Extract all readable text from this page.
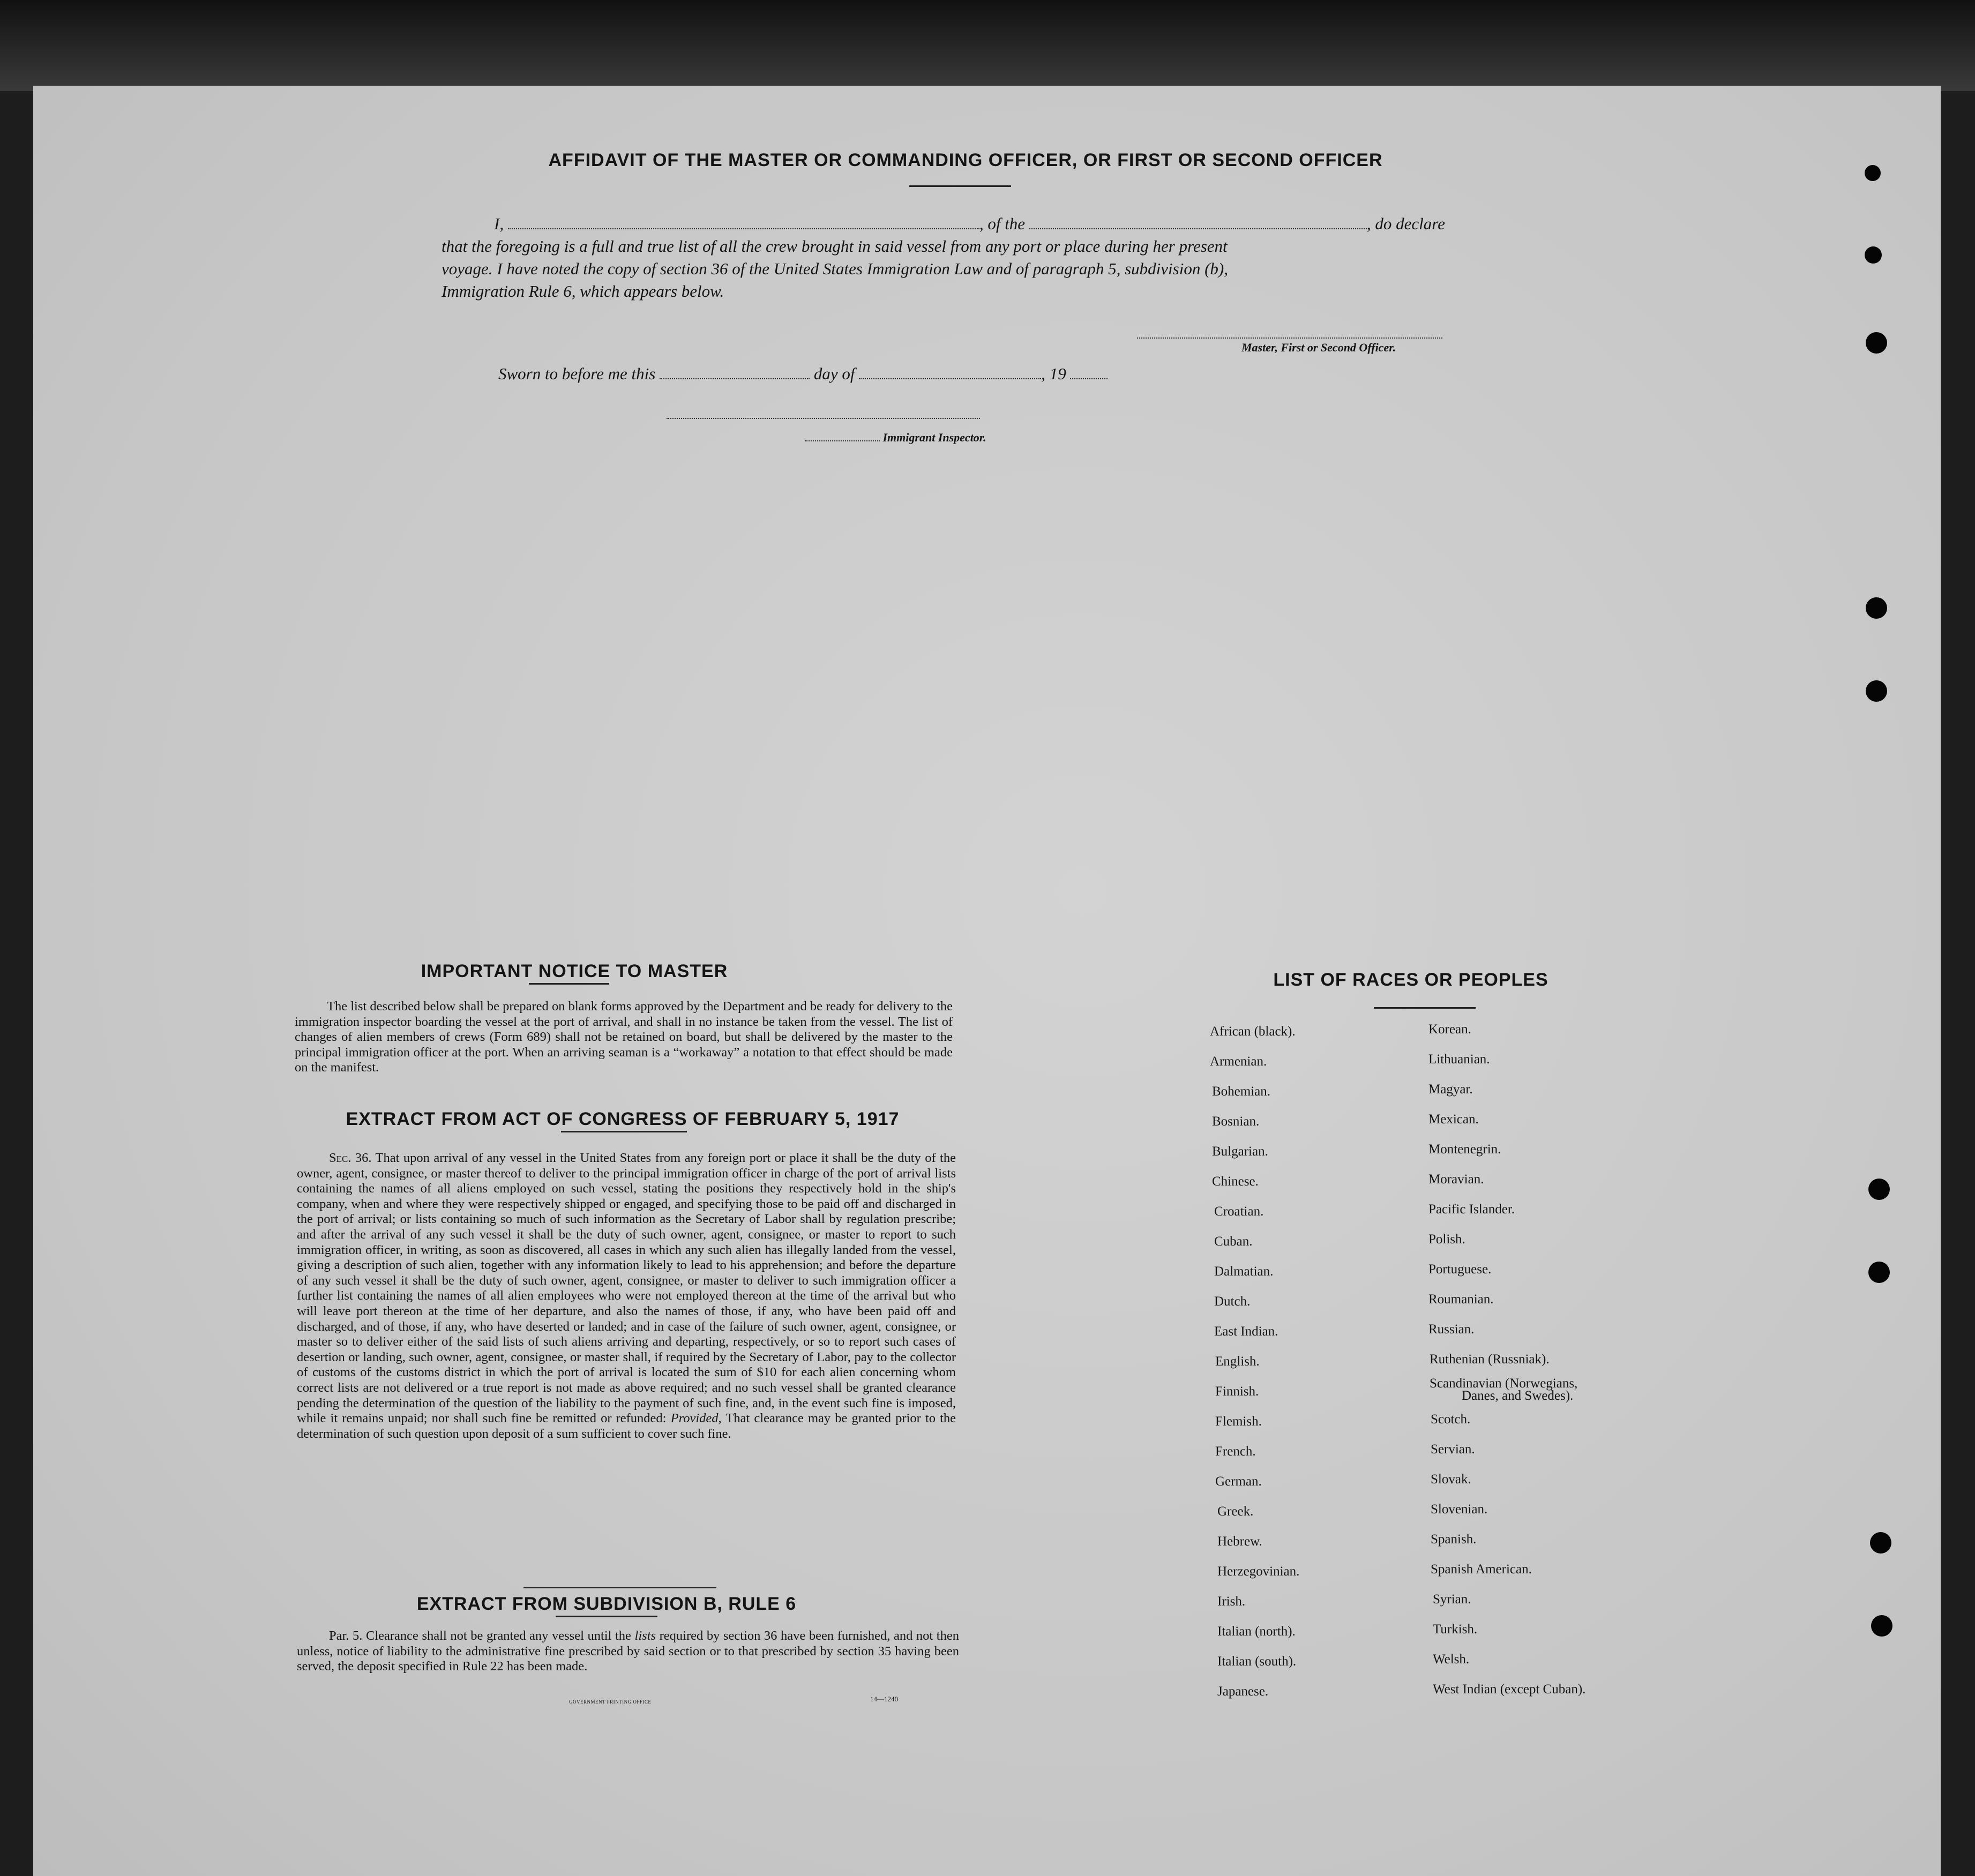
AFFIDAVIT OF THE MASTER OR COMMANDING OFFICER, OR FIRST OR SECOND OFFICER
I,	, of the	, do declare
that the foregoing is a full and true list of all the crew brought in said vessel from any port or place during her present
voyage. I have noted the copy of section 36 of the United States Immigration Law and of paragraph 5, subdivision (b),
Immigration Rule 6, which appears below.
Master, First or Second Officer.
Sworn to before me this	day of	, 19
Immigrant Inspector.
IMPORTANT NOTICE TO MASTER
The list described below shall be prepared on blank forms approved by the Department and be ready for delivery to the immigration inspector boarding the vessel at the port of arrival, and shall in no instance be taken from the vessel. The list of changes of alien members of crews (Form 689) shall not be retained on board, but shall be delivered by the master to the principal immigration officer at the port. When an arriving seaman is a “workaway” a notation to that effect should be made on the manifest.
EXTRACT FROM ACT OF CONGRESS OF FEBRUARY 5, 1917
Sec. 36. That upon arrival of any vessel in the United States from any foreign port or place it shall be the duty of the owner, agent, consignee, or master thereof to deliver to the principal immigration officer in charge of the port of arrival lists containing the names of all aliens employed on such vessel, stating the positions they respectively hold in the ship's company, when and where they were respectively shipped or engaged, and specifying those to be paid off and discharged in the port of arrival; or lists containing so much of such information as the Secretary of Labor shall by regulation prescribe; and after the arrival of any such vessel it shall be the duty of such owner, agent, consignee, or master to report to such immigration officer, in writing, as soon as discovered, all cases in which any such alien has illegally landed from the vessel, giving a description of such alien, together with any information likely to lead to his apprehension; and before the departure of any such vessel it shall be the duty of such owner, agent, consignee, or master to deliver to such immigration officer a further list containing the names of all alien employees who were not employed thereon at the time of the arrival but who will leave port thereon at the time of her departure, and also the names of those, if any, who have been paid off and discharged, and of those, if any, who have deserted or landed; and in case of the failure of such owner, agent, consignee, or master so to deliver either of the said lists of such aliens arriving and departing, respectively, or so to report such cases of desertion or landing, such owner, agent, consignee, or master shall, if required by the Secretary of Labor, pay to the collector of customs of the customs district in which the port of arrival is located the sum of $10 for each alien concerning whom correct lists are not delivered or a true report is not made as above required; and no such vessel shall be granted clearance pending the determination of the question of the liability to the payment of such fine, and, in the event such fine is imposed, while it remains unpaid; nor shall such fine be remitted or refunded: Provided, That clearance may be granted prior to the determination of such question upon deposit of a sum sufficient to cover such fine.
EXTRACT FROM SUBDIVISION B, RULE 6
Par. 5. Clearance shall not be granted any vessel until the lists required by section 36 have been furnished, and not then unless, notice of liability to the administrative fine prescribed by said section or to that prescribed by section 35 having been served, the deposit specified in Rule 22 has been made.
GOVERNMENT PRINTING OFFICE	14—1240
LIST OF RACES OR PEOPLES
African (black).
Armenian.
Bohemian.
Bosnian.
Bulgarian.
Chinese.
Croatian.
Cuban.
Dalmatian.
Dutch.
East Indian.
English.
Finnish.
Flemish.
French.
German.
Greek.
Hebrew.
Herzegovinian.
Irish.
Italian (north).
Italian (south).
Japanese.
Korean.
Lithuanian.
Magyar.
Mexican.
Montenegrin.
Moravian.
Pacific Islander.
Polish.
Portuguese.
Roumanian.
Russian.
Ruthenian (Russniak).
Scandinavian (Norwegians,
Danes, and Swedes).
Scotch.
Servian.
Slovak.
Slovenian.
Spanish.
Spanish American.
Syrian.
Turkish.
Welsh.
West Indian (except Cuban).
